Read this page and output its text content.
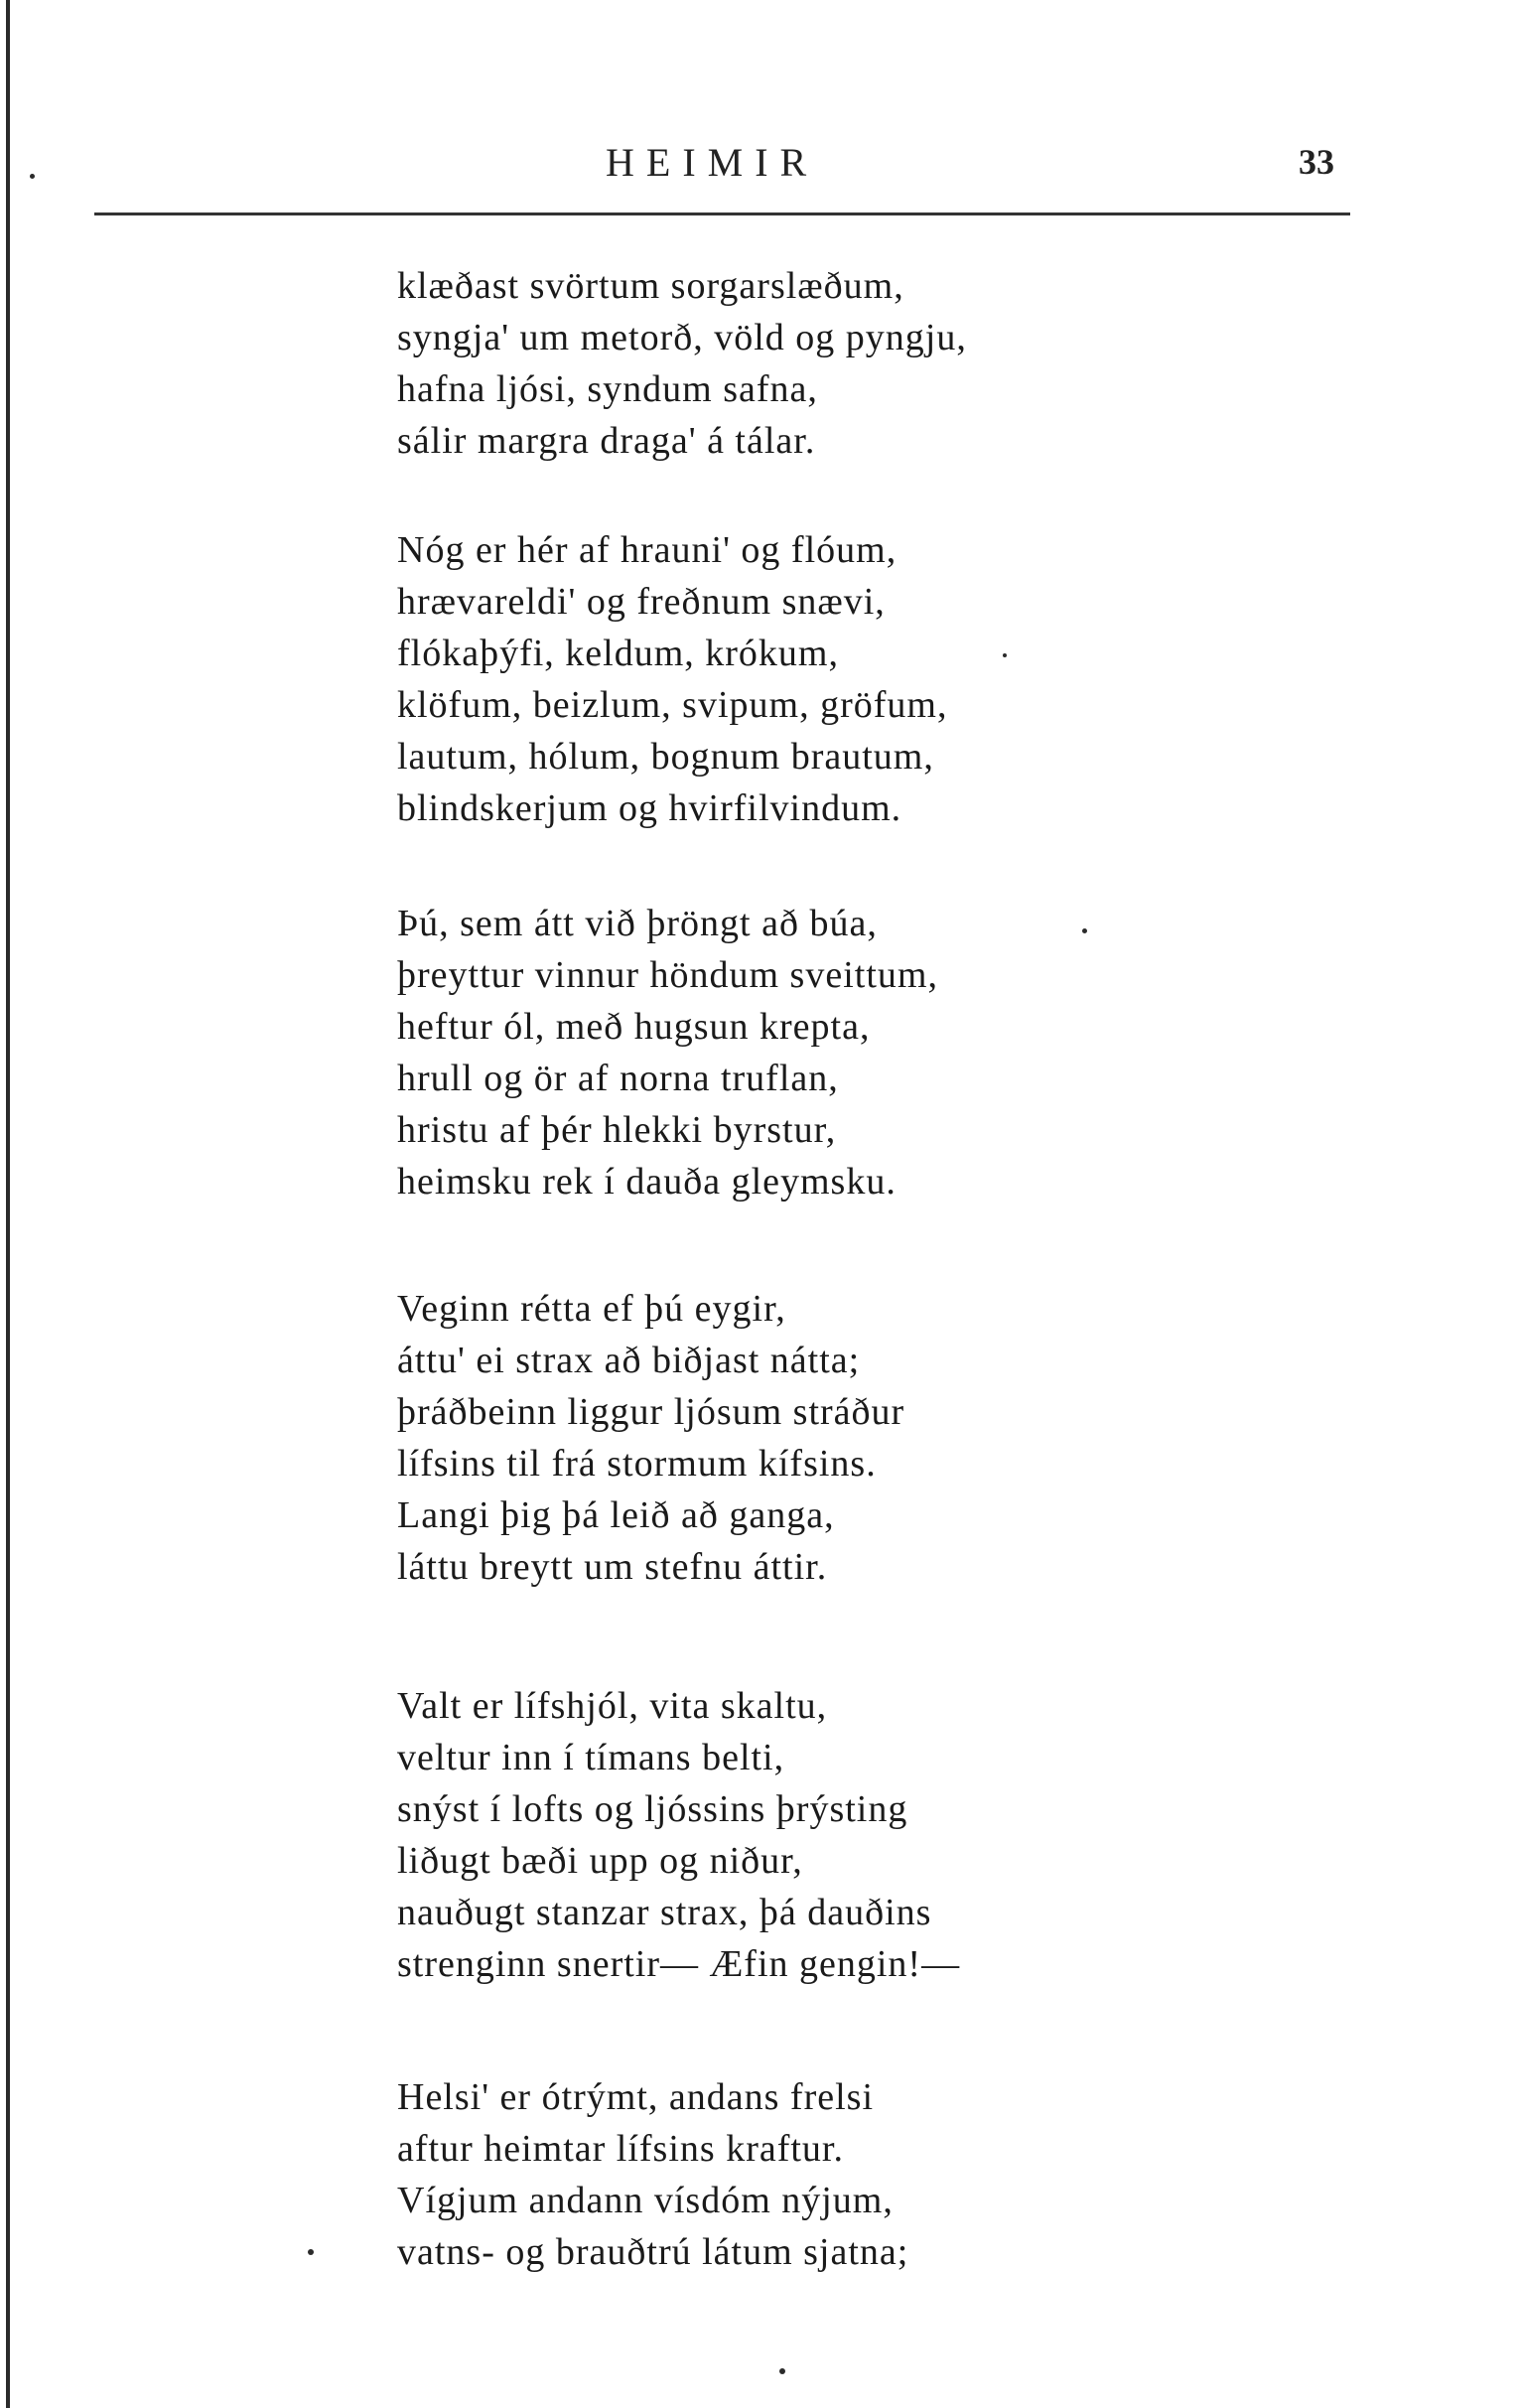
HEIMIR	33
klæðast svörtum sorgarslæðum,
syngja' um metorð, völd og pyngju,
hafna ljósi, syndum safna,
sálir margra draga' á tálar.
Nóg er hér af hrauni' og flóum,
hrævareldi' og freðnum snævi,
flókaþýfi, keldum, krókum,
klöfum, beizlum, svipum, gröfum,
lautum, hólum, bognum brautum,
blindskerjum og hvirfilvindum.
Þú, sem átt við þröngt að búa,
þreyttur vinnur höndum sveittum,
heftur ól, með hugsun krepta,
hrull og ör af norna truflan,
hristu af þér hlekki byrstur,
heimsku rek í dauða gleymsku.
Veginn rétta ef þú eygir,
áttu' ei strax að biðjast nátta;
þráðbeinn liggur ljósum stráður
lífsins til frá stormum kífsins.
Langi þig þá leið að ganga,
láttu breytt um stefnu áttir.
Valt er lífshjól, vita skaltu,
veltur inn í tímans belti,
snýst í lofts og ljóssins þrýsting
liðugt bæði upp og niður,
nauðugt stanzar strax, þá dauðins
strenginn snertir— Æfin gengin!—
Helsi' er ótrýmt, andans frelsi
aftur heimtar lífsins kraftur.
Vígjum andann vísdóm nýjum,
vatns- og brauðtrú látum sjatna;
